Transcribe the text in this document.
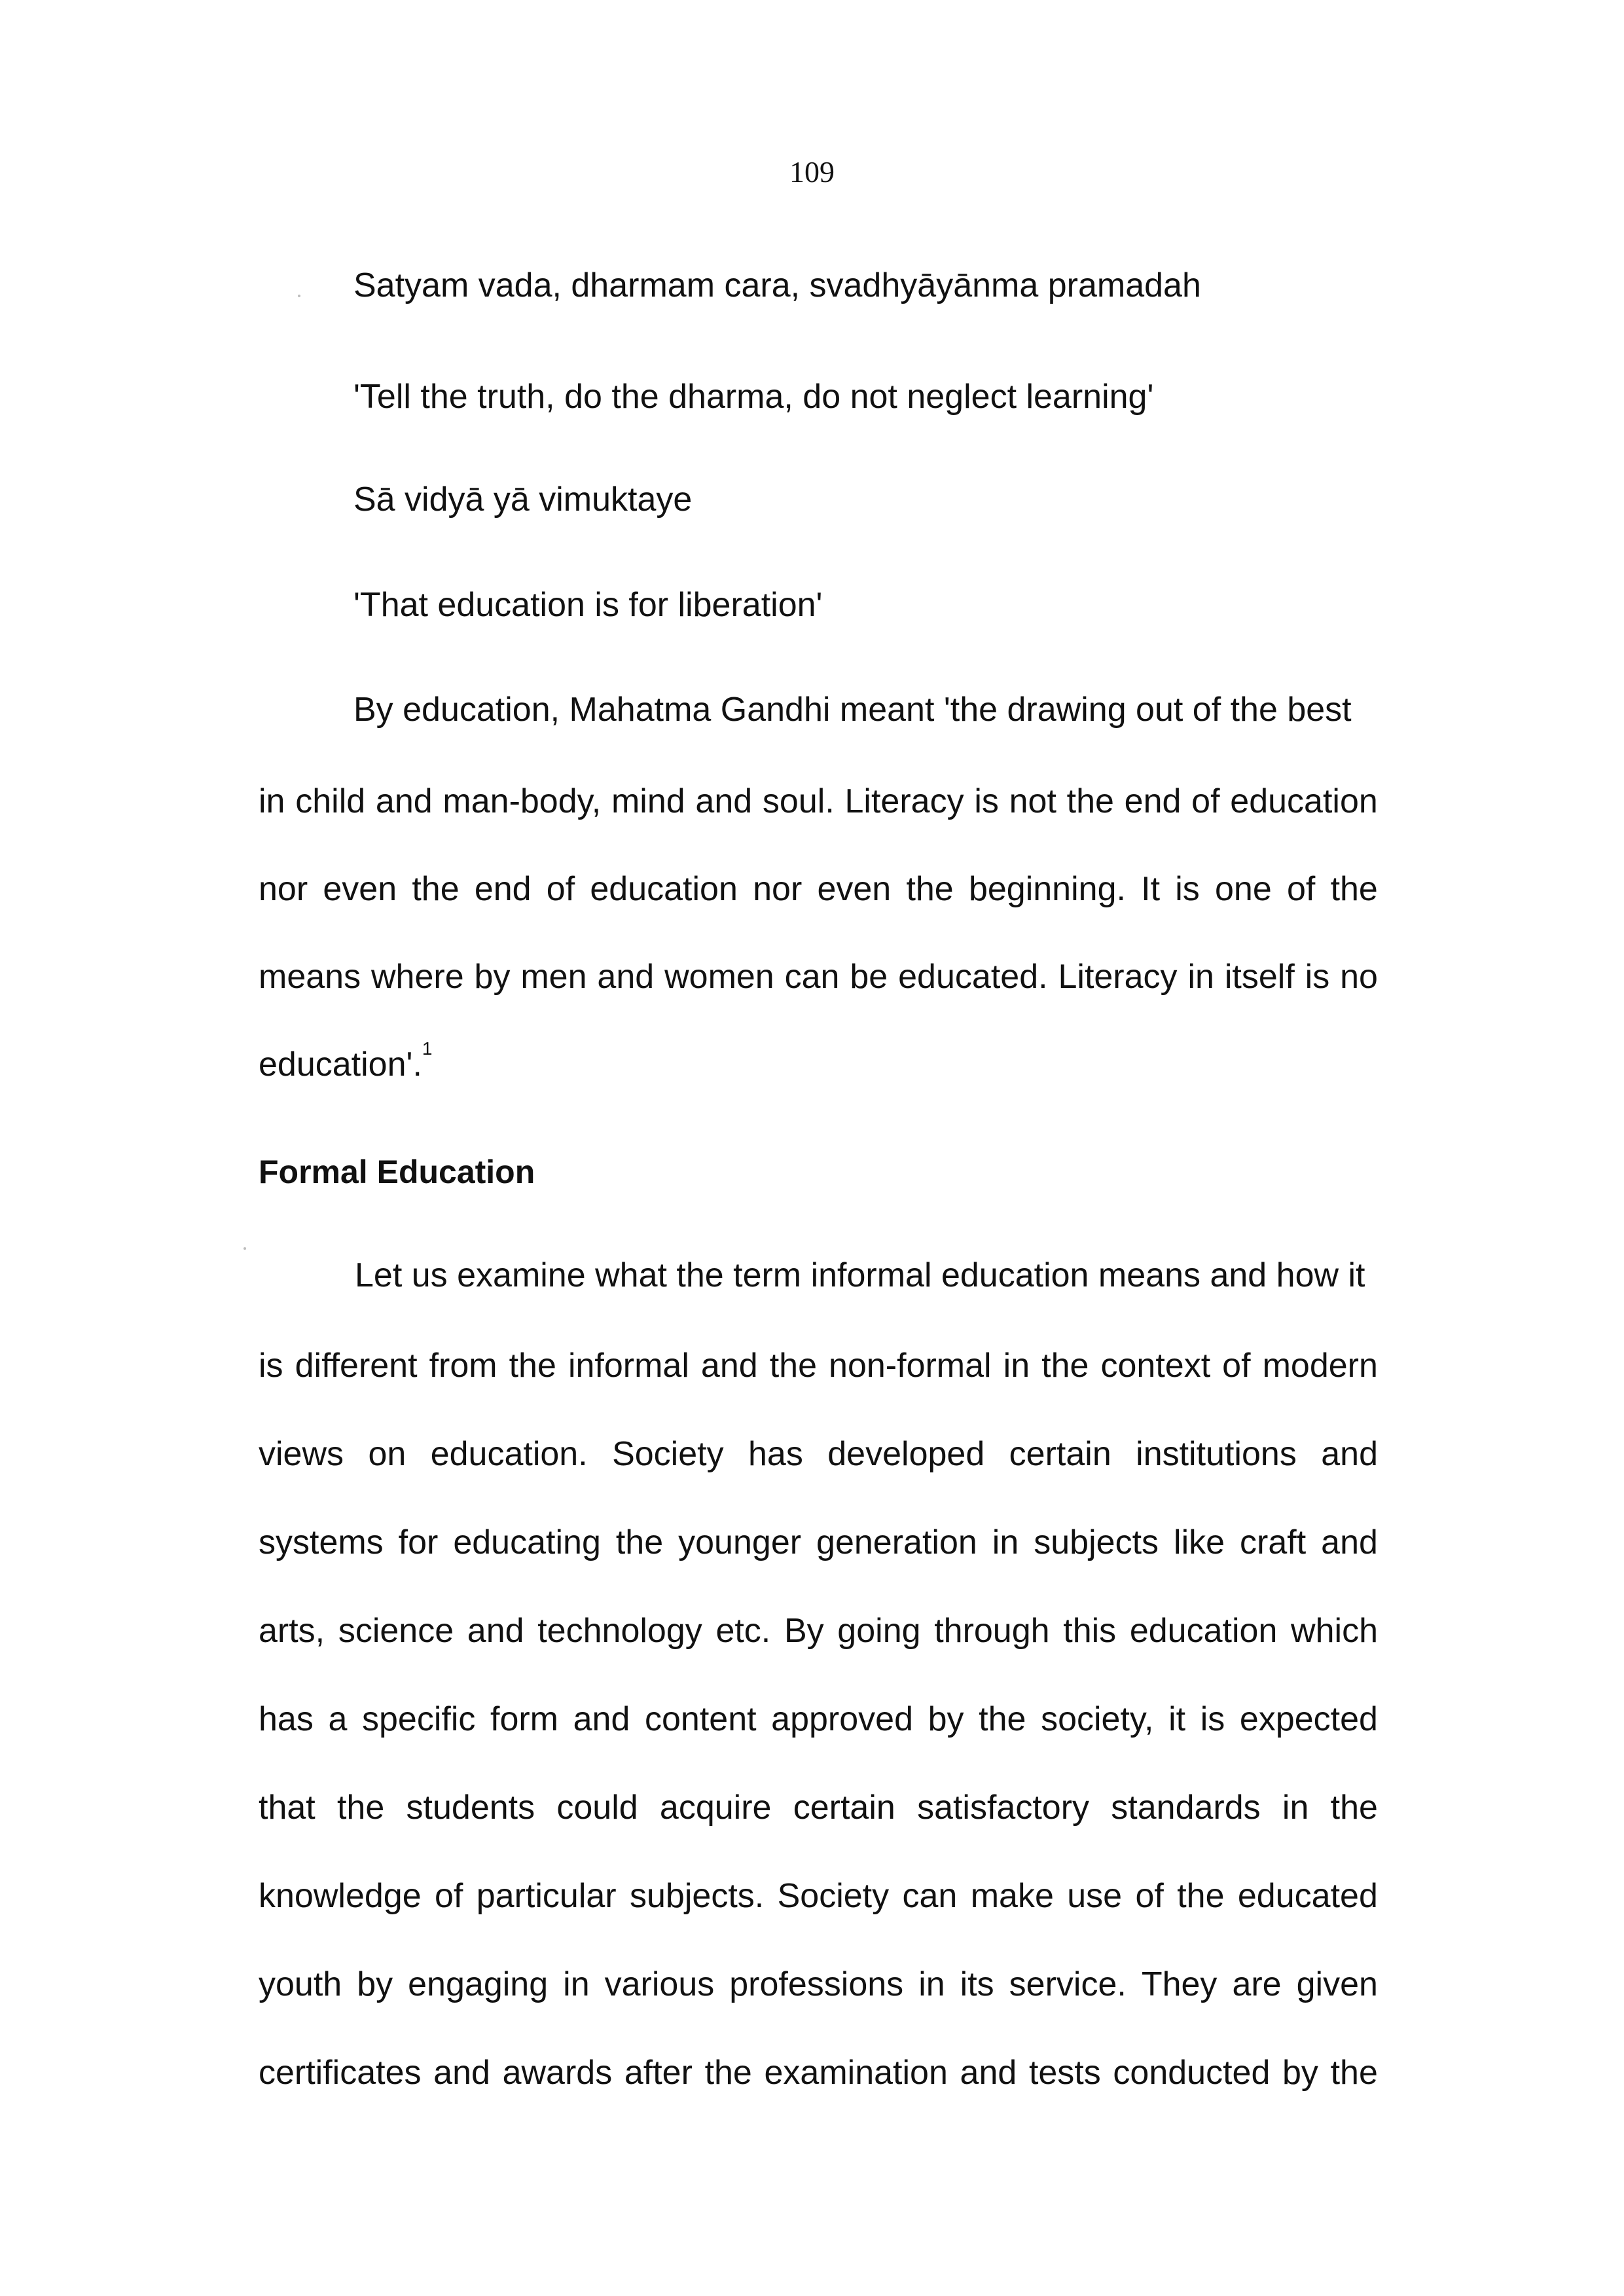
109
Satyam vada, dharmam cara, svadhyāyānma pramadah
'Tell the truth, do the dharma, do not neglect learning'
Sā vidyā yā vimuktaye
'That education is for liberation'
By education, Mahatma Gandhi meant 'the drawing out of the best
in child and man-body, mind and soul. Literacy is not the end of education
nor even the end of education nor even the beginning. It is one of the
means where by men and women can be educated. Literacy in itself is no
education'.$^1$
Formal Education
Let us examine what the term informal education means and how it
is different from the informal and the non-formal in the context of modern
views on education. Society has developed certain institutions and
systems for educating the younger generation in subjects like craft and
arts, science and technology etc. By going through this education which
has a specific form and content approved by the society, it is expected
that the students could acquire certain satisfactory standards in the
knowledge of particular subjects. Society can make use of the educated
youth by engaging in various professions in its service. They are given
certificates and awards after the examination and tests conducted by the
